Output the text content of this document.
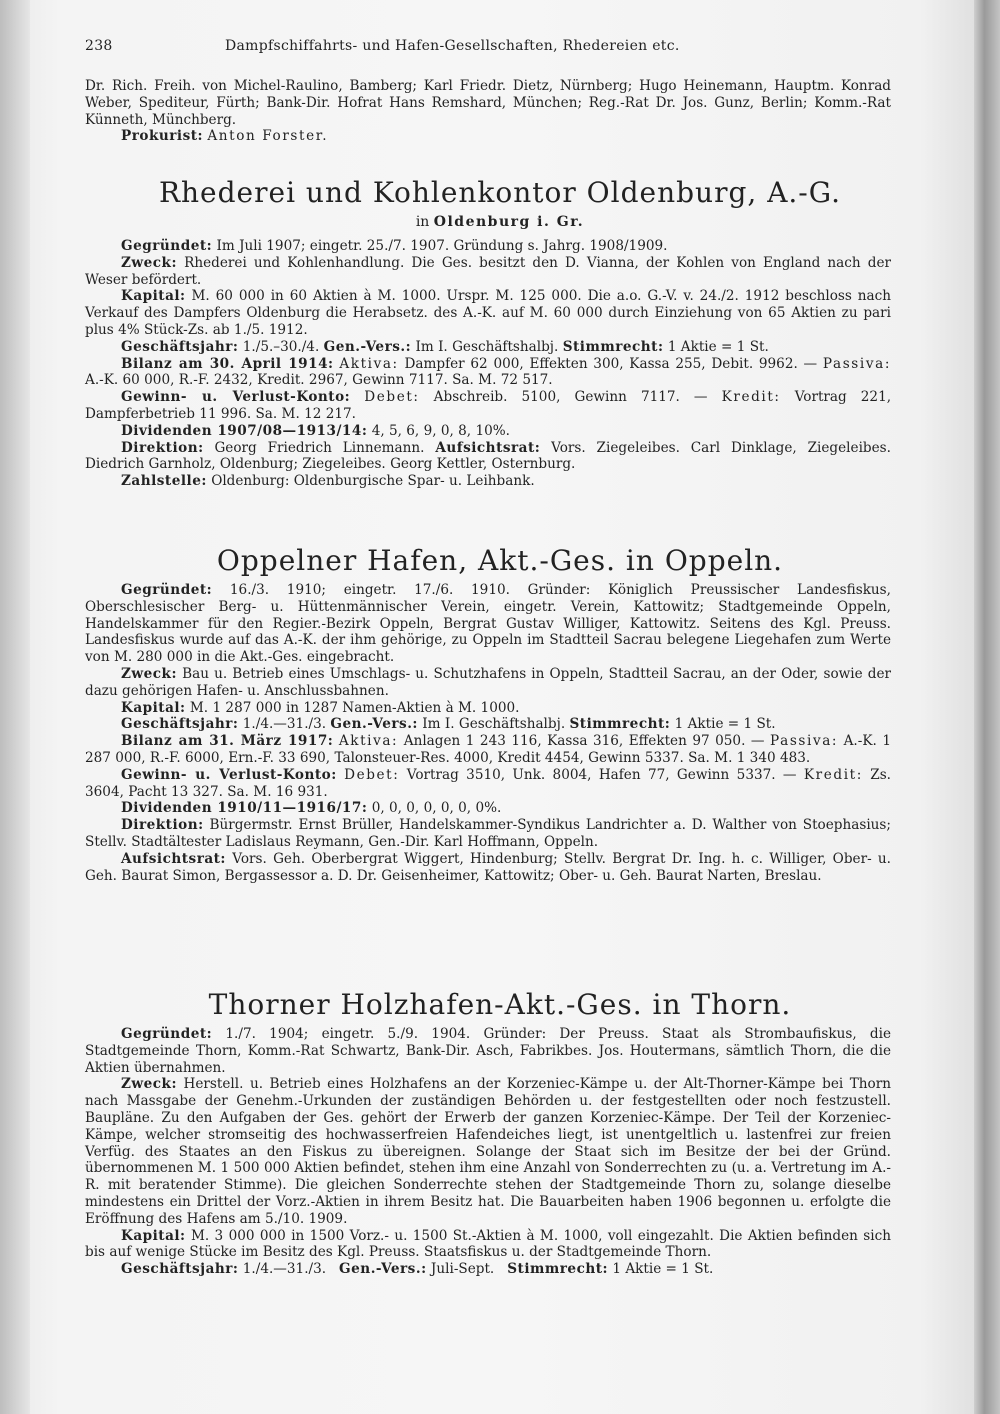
238	Dampfschiffahrts- und Hafen-Gesellschaften, Rhedereien etc.

Dr. Rich. Freih. von Michel-Raulino, Bamberg; Karl Friedr. Dietz, Nürnberg; Hugo Heinemann, Hauptm. Konrad Weber, Spediteur, Fürth; Bank-Dir. Hofrat Hans Remshard, München; Reg.-Rat Dr. Jos. Gunz, Berlin; Komm.-Rat Künneth, Münchberg.

Prokurist: Anton Forster.

Rhederei und Kohlenkontor Oldenburg, A.-G.
in Oldenburg i. Gr.

Gegründet: Im Juli 1907; eingetr. 25./7. 1907. Gründung s. Jahrg. 1908/1909.

Zweck: Rhederei und Kohlenhandlung. Die Ges. besitzt den D. Vianna, der Kohlen von England nach der Weser befördert.

Kapital: M. 60 000 in 60 Aktien à M. 1000. Urspr. M. 125 000. Die a.o. G.-V. v. 24./2. 1912 beschloss nach Verkauf des Dampfers Oldenburg die Herabsetz. des A.-K. auf M. 60 000 durch Einziehung von 65 Aktien zu pari plus 4% Stück-Zs. ab 1./5. 1912.

Geschäftsjahr: 1./5.–30./4. Gen.-Vers.: Im I. Geschäftshalbj. Stimmrecht: 1 Aktie = 1 St.

Bilanz am 30. April 1914: Aktiva: Dampfer 62 000, Effekten 300, Kassa 255, Debit. 9962. — Passiva: A.-K. 60 000, R.-F. 2432, Kredit. 2967, Gewinn 7117. Sa. M. 72 517.

Gewinn- u. Verlust-Konto: Debet: Abschreib. 5100, Gewinn 7117. — Kredit: Vortrag 221, Dampferbetrieb 11 996. Sa. M. 12 217.

Dividenden 1907/08—1913/14: 4, 5, 6, 9, 0, 8, 10%.

Direktion: Georg Friedrich Linnemann. Aufsichtsrat: Vors. Ziegeleibes. Carl Dinklage, Ziegeleibes. Diedrich Garnholz, Oldenburg; Ziegeleibes. Georg Kettler, Osternburg.

Zahlstelle: Oldenburg: Oldenburgische Spar- u. Leihbank.

Oppelner Hafen, Akt.-Ges. in Oppeln.

Gegründet: 16./3. 1910; eingetr. 17./6. 1910. Gründer: Königlich Preussischer Landesfiskus, Oberschlesischer Berg- u. Hüttenmännischer Verein, eingetr. Verein, Kattowitz; Stadtgemeinde Oppeln, Handelskammer für den Regier.-Bezirk Oppeln, Bergrat Gustav Williger, Kattowitz. Seitens des Kgl. Preuss. Landesfiskus wurde auf das A.-K. der ihm gehörige, zu Oppeln im Stadtteil Sacrau belegene Liegehafen zum Werte von M. 280 000 in die Akt.-Ges. eingebracht.

Zweck: Bau u. Betrieb eines Umschlags- u. Schutzhafens in Oppeln, Stadtteil Sacrau, an der Oder, sowie der dazu gehörigen Hafen- u. Anschlussbahnen.

Kapital: M. 1 287 000 in 1287 Namen-Aktien à M. 1000.

Geschäftsjahr: 1./4.—31./3. Gen.-Vers.: Im I. Geschäftshalbj. Stimmrecht: 1 Aktie = 1 St.

Bilanz am 31. März 1917: Aktiva: Anlagen 1 243 116, Kassa 316, Effekten 97 050. — Passiva: A.-K. 1 287 000, R.-F. 6000, Ern.-F. 33 690, Talonsteuer-Res. 4000, Kredit 4454, Gewinn 5337. Sa. M. 1 340 483.

Gewinn- u. Verlust-Konto: Debet: Vortrag 3510, Unk. 8004, Hafen 77, Gewinn 5337. — Kredit: Zs. 3604, Pacht 13 327. Sa. M. 16 931.

Dividenden 1910/11—1916/17: 0, 0, 0, 0, 0, 0, 0%.

Direktion: Bürgermstr. Ernst Brüller, Handelskammer-Syndikus Landrichter a. D. Walther von Stoephasius; Stellv. Stadtältester Ladislaus Reymann, Gen.-Dir. Karl Hoffmann, Oppeln.

Aufsichtsrat: Vors. Geh. Oberbergrat Wiggert, Hindenburg; Stellv. Bergrat Dr. Ing. h. c. Williger, Ober- u. Geh. Baurat Simon, Bergassessor a. D. Dr. Geisenheimer, Kattowitz; Ober- u. Geh. Baurat Narten, Breslau.

Thorner Holzhafen-Akt.-Ges. in Thorn.

Gegründet: 1./7. 1904; eingetr. 5./9. 1904. Gründer: Der Preuss. Staat als Strombaufiskus, die Stadtgemeinde Thorn, Komm.-Rat Schwartz, Bank-Dir. Asch, Fabrikbes. Jos. Houtermans, sämtlich Thorn, die die Aktien übernahmen.

Zweck: Herstell. u. Betrieb eines Holzhafens an der Korzeniec-Kämpe u. der Alt-Thorner-Kämpe bei Thorn nach Massgabe der Genehm.-Urkunden der zuständigen Behörden u. der festgestellten oder noch festzustell. Baupläne. Zu den Aufgaben der Ges. gehört der Erwerb der ganzen Korzeniec-Kämpe. Der Teil der Korzeniec-Kämpe, welcher stromseitig des hochwasserfreien Hafendeiches liegt, ist unentgeltlich u. lastenfrei zur freien Verfüg. des Staates an den Fiskus zu übereignen. Solange der Staat sich im Besitze der bei der Gründ. übernommenen M. 1 500 000 Aktien befindet, stehen ihm eine Anzahl von Sonderrechten zu (u. a. Vertretung im A.-R. mit beratender Stimme). Die gleichen Sonderrechte stehen der Stadtgemeinde Thorn zu, solange dieselbe mindestens ein Drittel der Vorz.-Aktien in ihrem Besitz hat. Die Bauarbeiten haben 1906 begonnen u. erfolgte die Eröffnung des Hafens am 5./10. 1909.

Kapital: M. 3 000 000 in 1500 Vorz.- u. 1500 St.-Aktien à M. 1000, voll eingezahlt. Die Aktien befinden sich bis auf wenige Stücke im Besitz des Kgl. Preuss. Staatsfiskus u. der Stadtgemeinde Thorn.

Geschäftsjahr: 1./4.—31./3. Gen.-Vers.: Juli-Sept. Stimmrecht: 1 Aktie = 1 St.
